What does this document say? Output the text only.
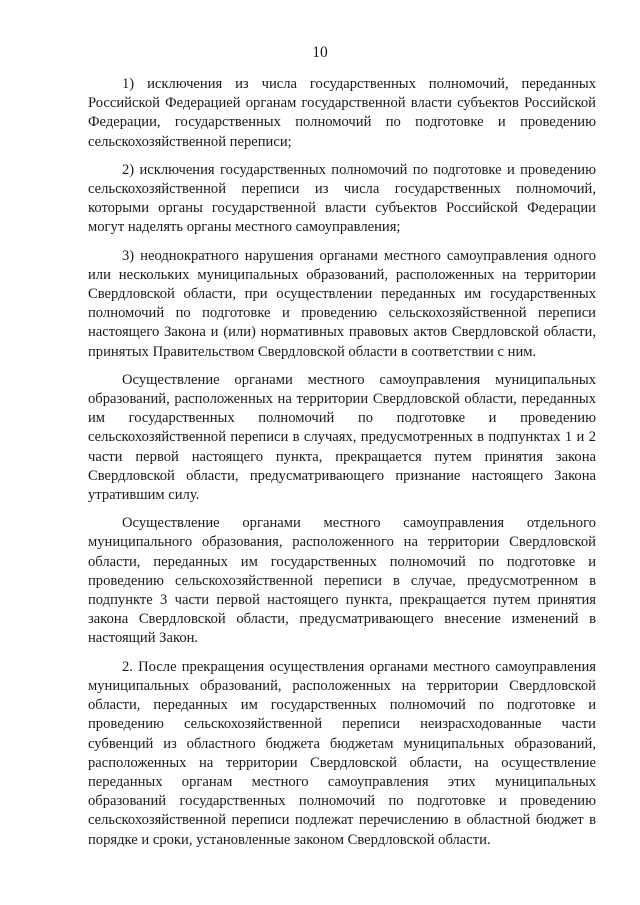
10

1) исключения из числа государственных полномочий, переданных Российской Федерацией органам государственной власти субъектов Российской Федерации, государственных полномочий по подготовке и проведению сельскохозяйственной переписи;

2) исключения государственных полномочий по подготовке и проведению сельскохозяйственной переписи из числа государственных полномочий, которыми органы государственной власти субъектов Российской Федерации могут наделять органы местного самоуправления;

3) неоднократного нарушения органами местного самоуправления одного или нескольких муниципальных образований, расположенных на территории Свердловской области, при осуществлении переданных им государственных полномочий по подготовке и проведению сельскохозяйственной переписи настоящего Закона и (или) нормативных правовых актов Свердловской области, принятых Правительством Свердловской области в соответствии с ним.

Осуществление органами местного самоуправления муниципальных образований, расположенных на территории Свердловской области, переданных им государственных полномочий по подготовке и проведению сельскохозяйственной переписи в случаях, предусмотренных в подпунктах 1 и 2 части первой настоящего пункта, прекращается путем принятия закона Свердловской области, предусматривающего признание настоящего Закона утратившим силу.

Осуществление органами местного самоуправления отдельного муниципального образования, расположенного на территории Свердловской области, переданных им государственных полномочий по подготовке и проведению сельскохозяйственной переписи в случае, предусмотренном в подпункте 3 части первой настоящего пункта, прекращается путем принятия закона Свердловской области, предусматривающего внесение изменений в настоящий Закон.

2. После прекращения осуществления органами местного самоуправления муниципальных образований, расположенных на территории Свердловской области, переданных им государственных полномочий по подготовке и проведению сельскохозяйственной переписи неизрасходованные части субвенций из областного бюджета бюджетам муниципальных образований, расположенных на территории Свердловской области, на осуществление переданных органам местного самоуправления этих муниципальных образований государственных полномочий по подготовке и проведению сельскохозяйственной переписи подлежат перечислению в областной бюджет в порядке и сроки, установленные законом Свердловской области.
